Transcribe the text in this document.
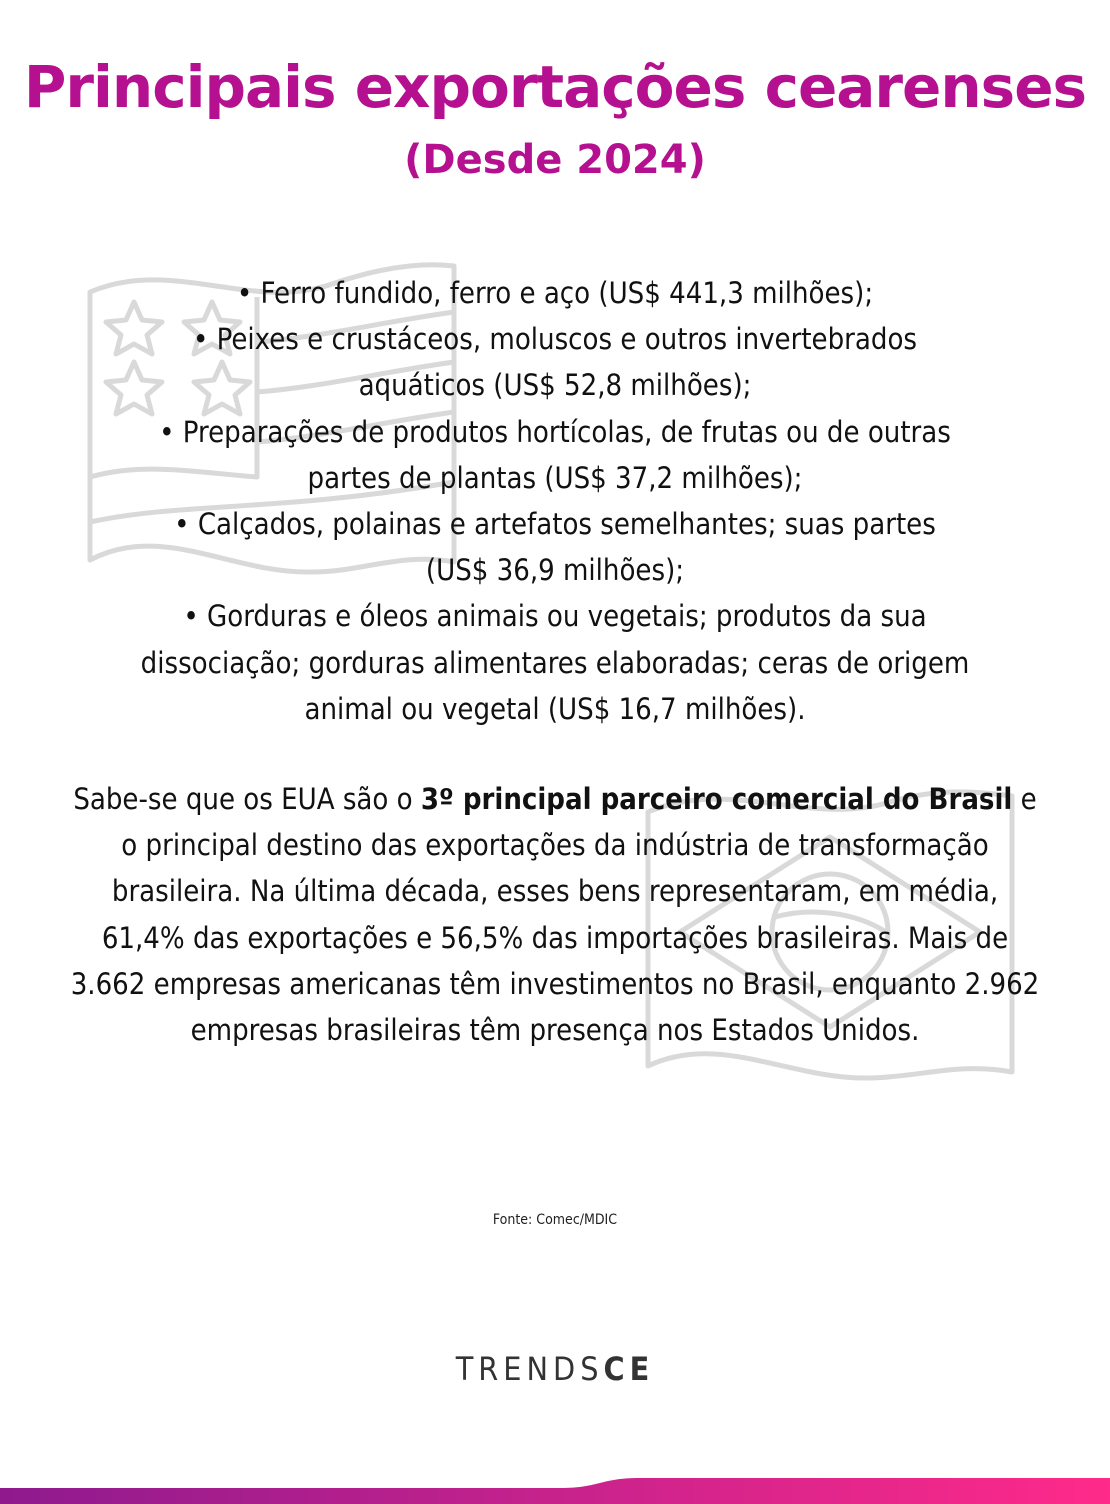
Principais exportações cearenses
(Desde 2024)
• Ferro fundido, ferro e aço (US$ 441,3 milhões);
• Peixes e crustáceos, moluscos e outros invertebrados
aquáticos (US$ 52,8 milhões);
• Preparações de produtos hortícolas, de frutas ou de outras
partes de plantas (US$ 37,2 milhões);
• Calçados, polainas e artefatos semelhantes; suas partes
(US$ 36,9 milhões);
• Gorduras e óleos animais ou vegetais; produtos da sua
dissociação; gorduras alimentares elaboradas; ceras de origem
animal ou vegetal (US$ 16,7 milhões).

Sabe-se que os EUA são o 3º principal parceiro comercial do Brasil e o principal destino das exportações da indústria de transformação brasileira. Na última década, esses bens representaram, em média, 61,4% das exportações e 56,5% das importações brasileiras. Mais de 3.662 empresas americanas têm investimentos no Brasil, enquanto 2.962 empresas brasileiras têm presença nos Estados Unidos.

Fonte: Comec/MDIC
TRENDSCE
